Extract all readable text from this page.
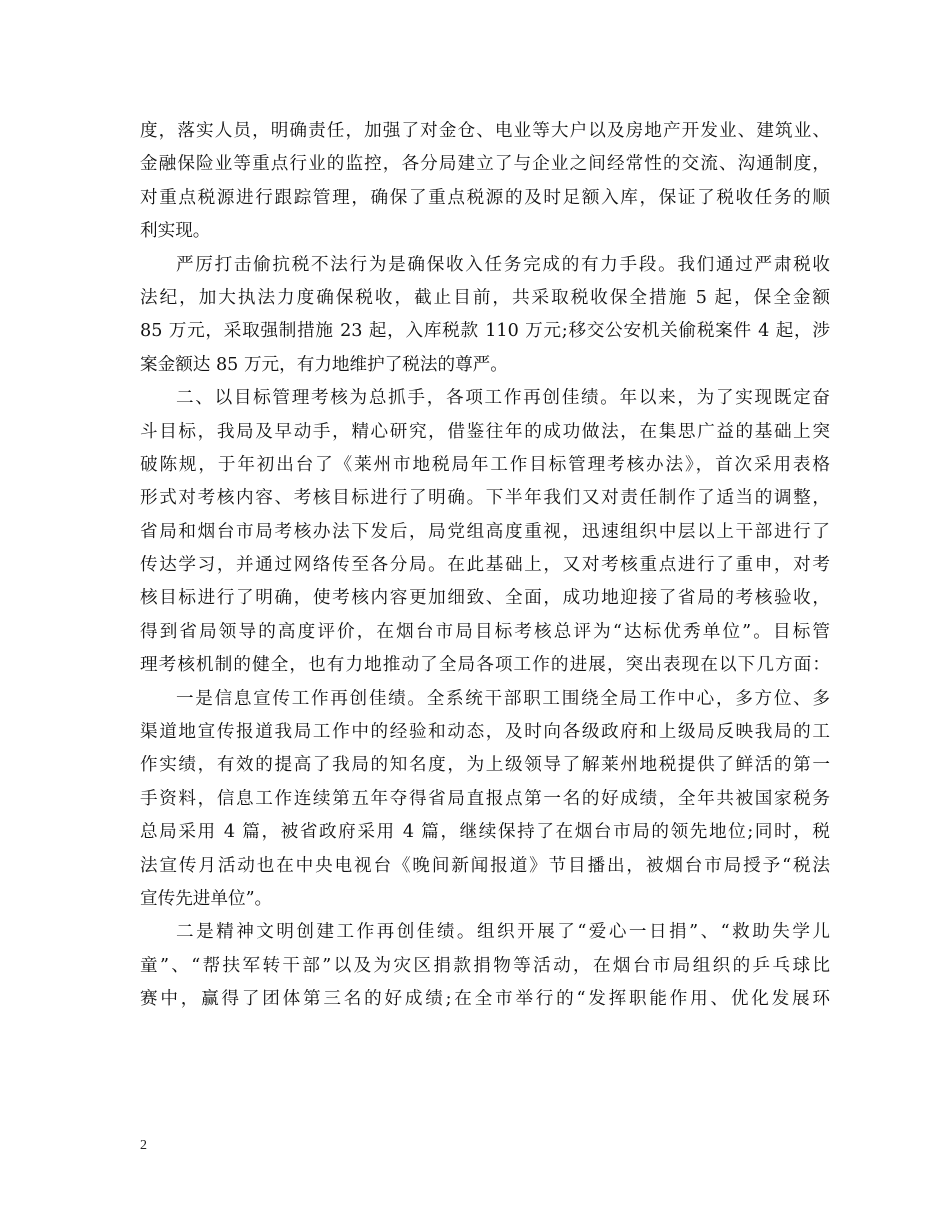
度，落实人员，明确责任，加强了对金仓、电业等大户以及房地产开发业、建筑业、
金融保险业等重点行业的监控，各分局建立了与企业之间经常性的交流、沟通制度，
对重点税源进行跟踪管理，确保了重点税源的及时足额入库，保证了税收任务的顺
利实现。
严厉打击偷抗税不法行为是确保收入任务完成的有力手段。我们通过严肃税收
法纪，加大执法力度确保税收，截止目前，共采取税收保全措施 5 起，保全金额
85 万元，采取强制措施 23 起，入库税款 110 万元;移交公安机关偷税案件 4 起，涉
案金额达 85 万元，有力地维护了税法的尊严。
二、以目标管理考核为总抓手，各项工作再创佳绩。年以来，为了实现既定奋
斗目标，我局及早动手，精心研究，借鉴往年的成功做法，在集思广益的基础上突
破陈规，于年初出台了《莱州市地税局年工作目标管理考核办法》，首次采用表格
形式对考核内容、考核目标进行了明确。下半年我们又对责任制作了适当的调整，
省局和烟台市局考核办法下发后，局党组高度重视，迅速组织中层以上干部进行了
传达学习，并通过网络传至各分局。在此基础上，又对考核重点进行了重申，对考
核目标进行了明确，使考核内容更加细致、全面，成功地迎接了省局的考核验收，
得到省局领导的高度评价，在烟台市局目标考核总评为“达标优秀单位”。目标管
理考核机制的健全，也有力地推动了全局各项工作的进展，突出表现在以下几方面：
一是信息宣传工作再创佳绩。全系统干部职工围绕全局工作中心，多方位、多
渠道地宣传报道我局工作中的经验和动态，及时向各级政府和上级局反映我局的工
作实绩，有效的提高了我局的知名度，为上级领导了解莱州地税提供了鲜活的第一
手资料，信息工作连续第五年夺得省局直报点第一名的好成绩，全年共被国家税务
总局采用 4 篇，被省政府采用 4 篇，继续保持了在烟台市局的领先地位;同时，税
法宣传月活动也在中央电视台《晚间新闻报道》节目播出，被烟台市局授予“税法
宣传先进单位”。
二是精神文明创建工作再创佳绩。组织开展了“爱心一日捐”、“救助失学儿
童”、“帮扶军转干部”以及为灾区捐款捐物等活动，在烟台市局组织的乒乓球比
赛中，赢得了团体第三名的好成绩;在全市举行的“发挥职能作用、优化发展环
2
